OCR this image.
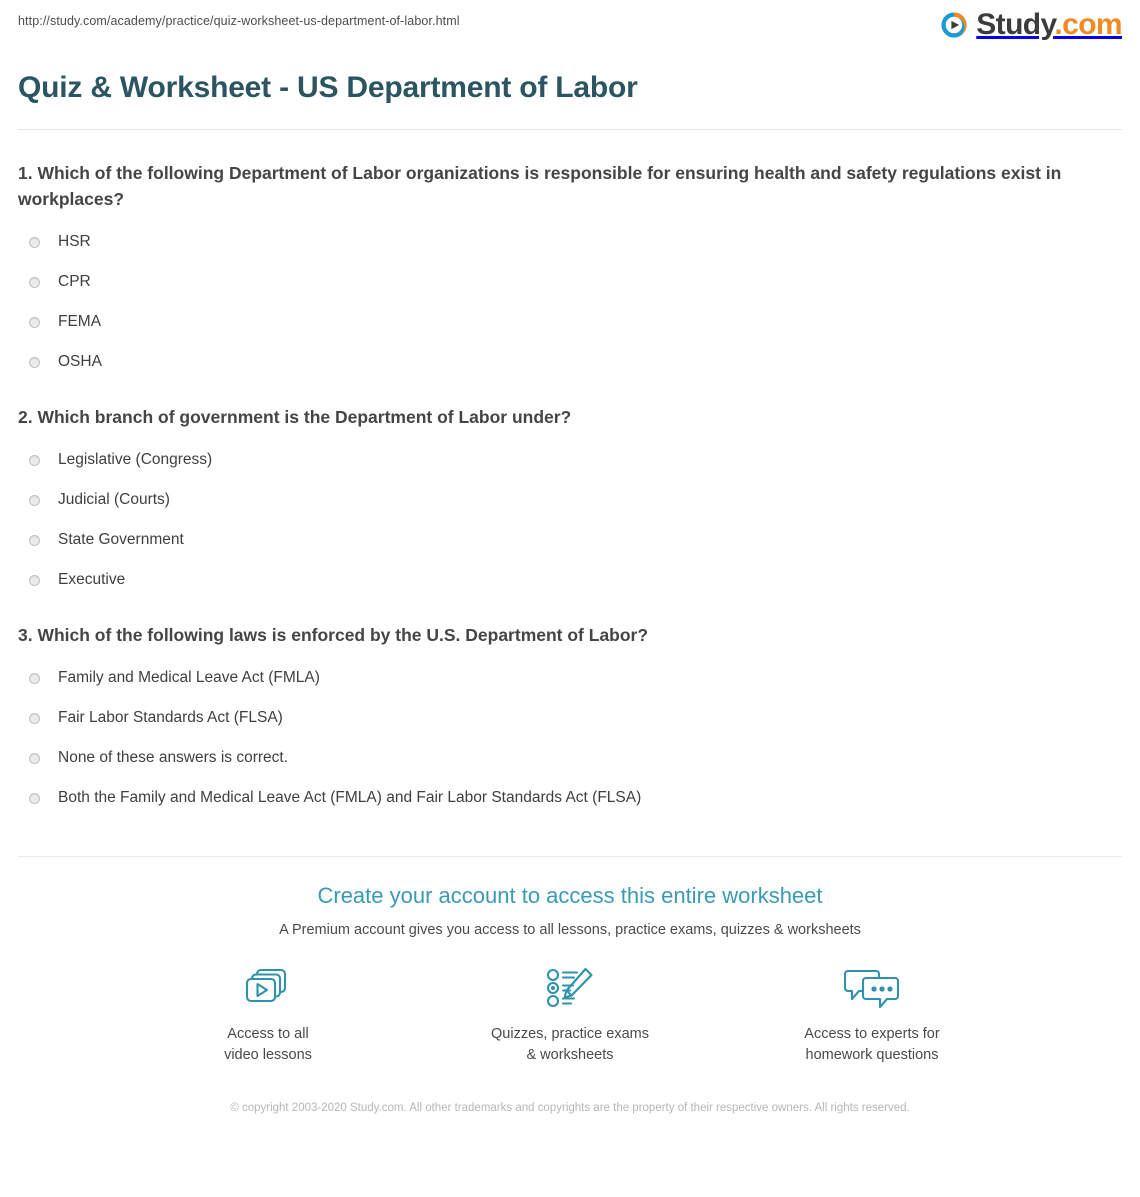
http://study.com/academy/practice/quiz-worksheet-us-department-of-labor.html	Study.com
Quiz & Worksheet - US Department of Labor

1. Which of the following Department of Labor organizations is responsible for ensuring health and safety regulations exist in workplaces?

HSR
CPR
FEMA
OSHA

2. Which branch of government is the Department of Labor under?

Legislative (Congress)
Judicial (Courts)
State Government
Executive

3. Which of the following laws is enforced by the U.S. Department of Labor?

Family and Medical Leave Act (FMLA)
Fair Labor Standards Act (FLSA)
None of these answers is correct.
Both the Family and Medical Leave Act (FMLA) and Fair Labor Standards Act (FLSA)
Create your account to access this entire worksheet

A Premium account gives you access to all lessons, practice exams, quizzes & worksheets

Access to all
video lessons
Quizzes, practice exams
& worksheets
Access to experts for
homework questions
© copyright 2003-2020 Study.com. All other trademarks and copyrights are the property of their respective owners. All rights reserved.
